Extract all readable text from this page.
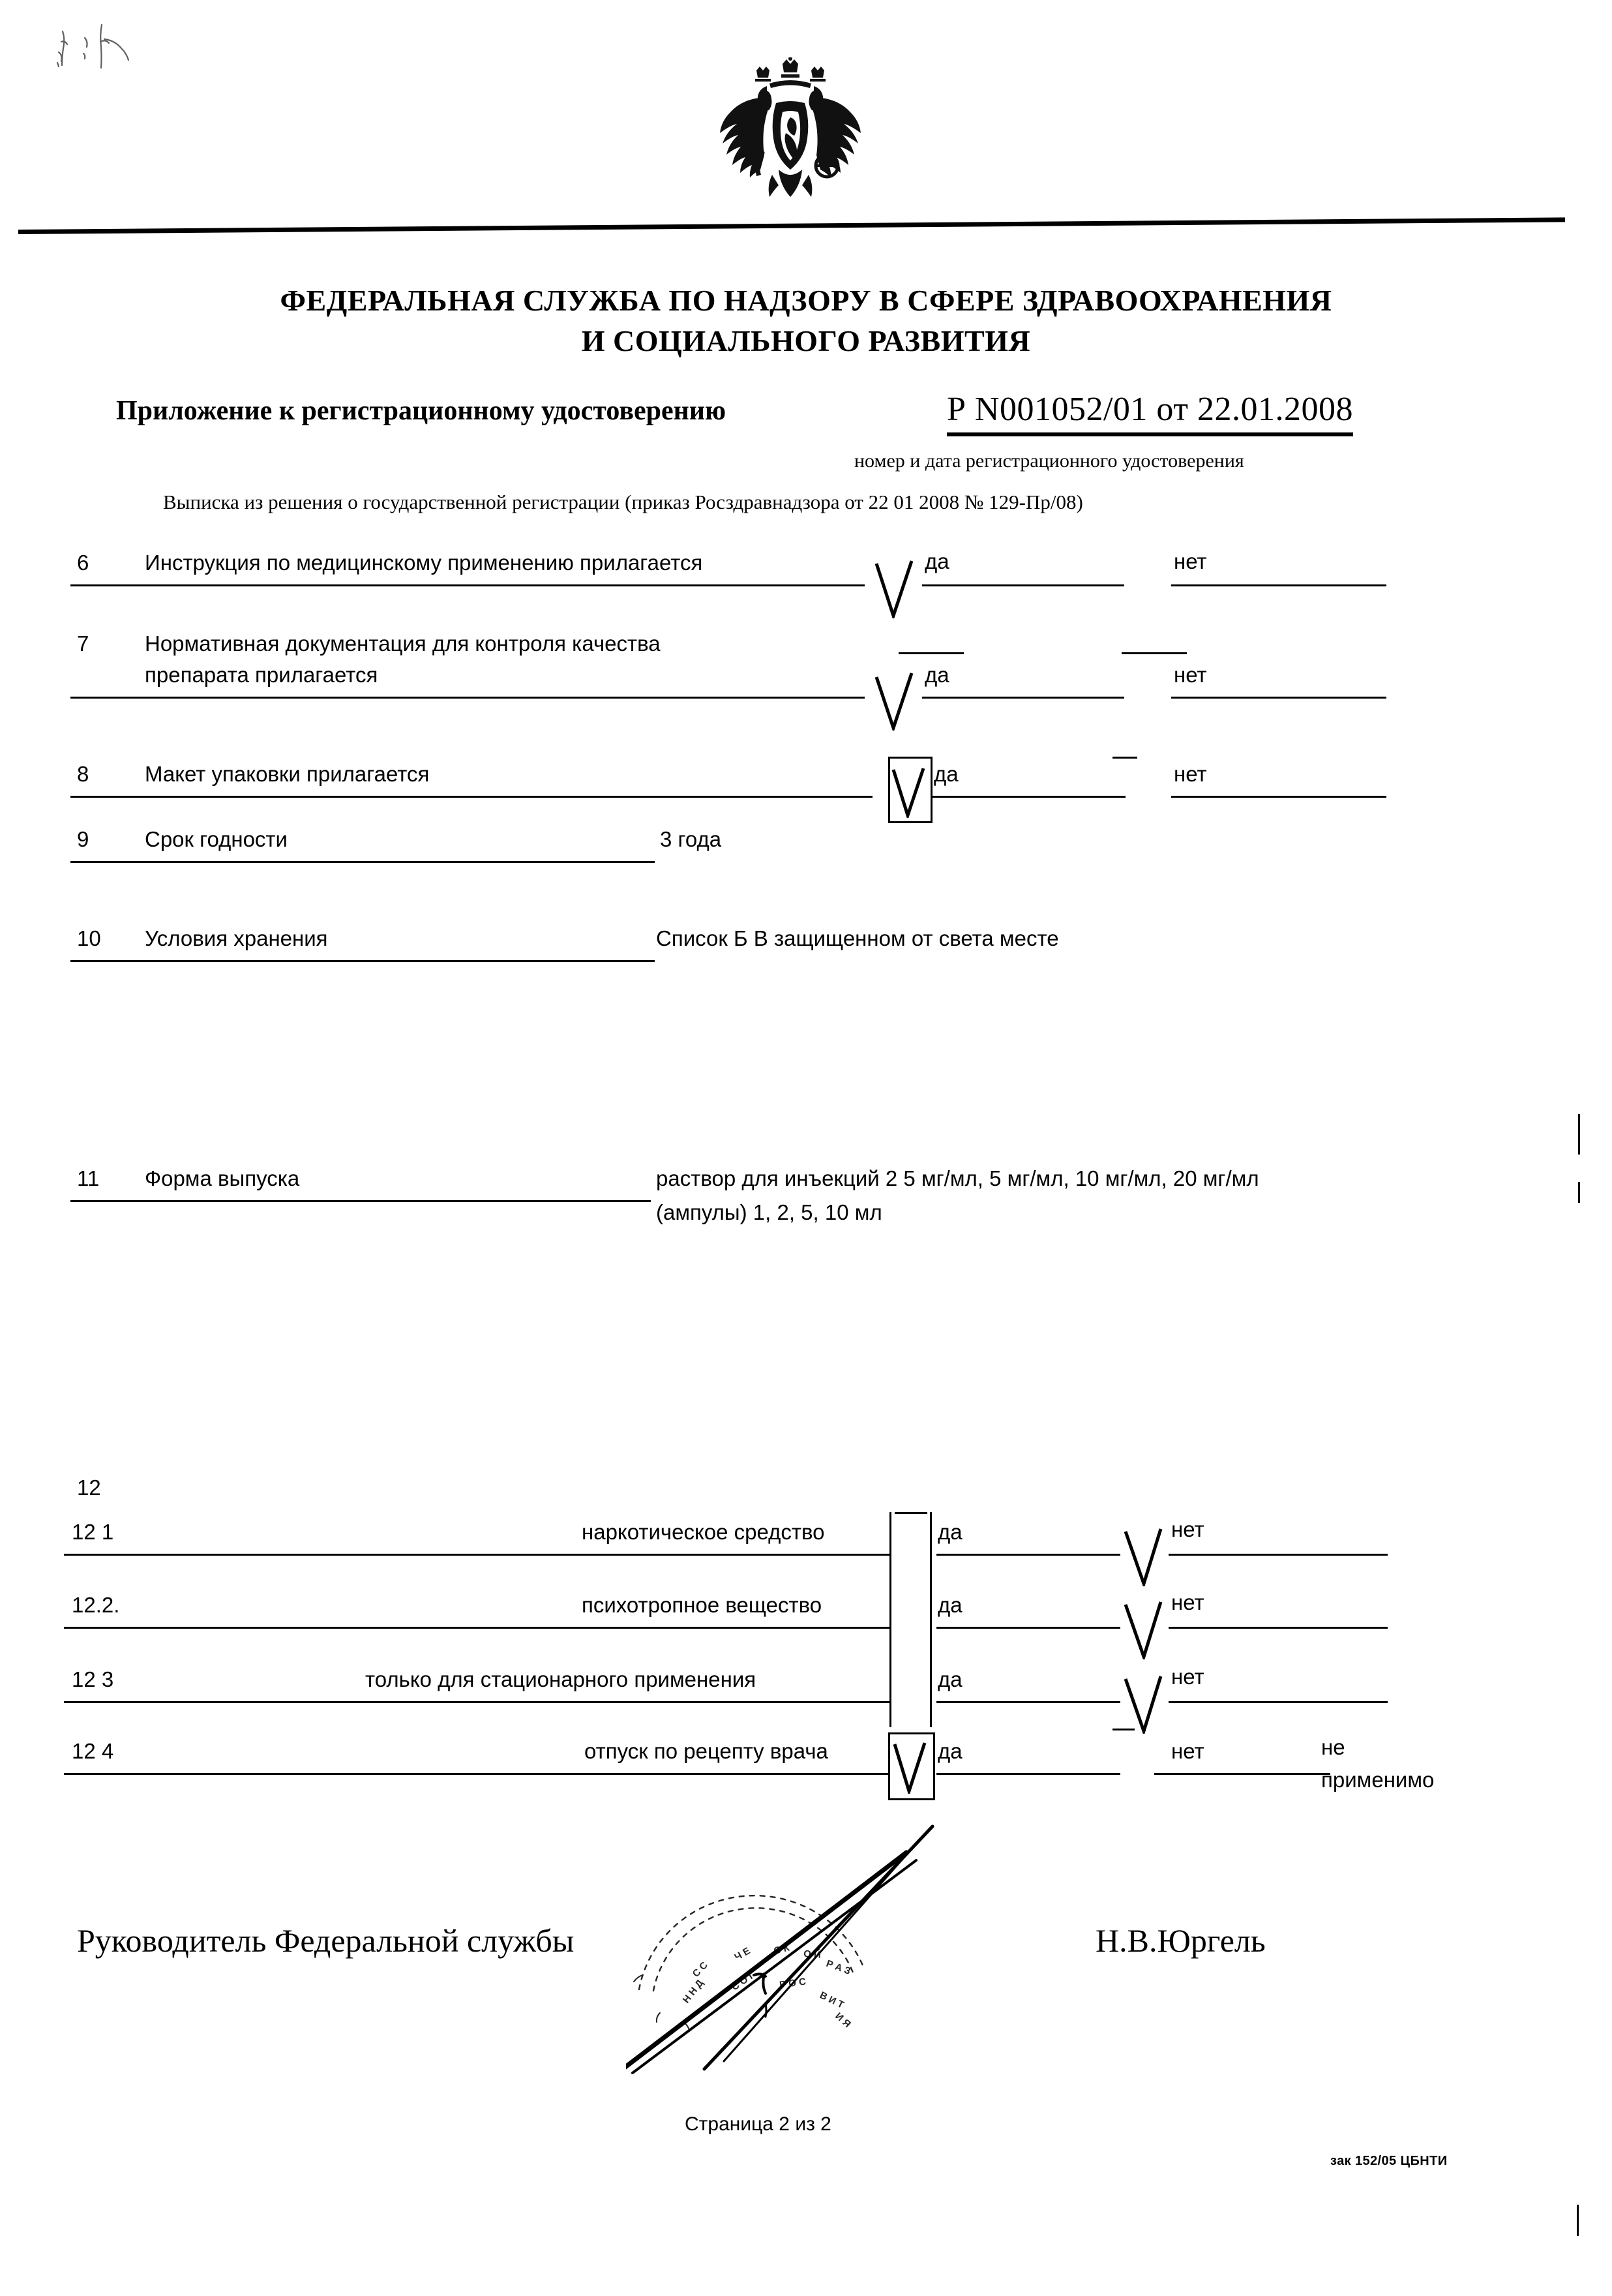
ФЕДЕРАЛЬНАЯ СЛУЖБА ПО НАДЗОРУ В СФЕРЕ ЗДРАВООХРАНЕНИЯ
И СОЦИАЛЬНОГО РАЗВИТИЯ
Приложение к регистрационному удостоверению	Р N001052/01 от 22.01.2008
номер и дата регистрационного удостоверения
Выписка из решения о государственной регистрации (приказ Росздравнадзора от 22 01 2008 № 129-Пр/08)
6	Инструкция по медицинскому применению прилагается	да	нет
7	Нормативная документация для контроля качества
препарата прилагается	да	нет
8	Макет упаковки прилагается	да	нет
9	Срок годности	3 года
10 Условия хранения	Список Б В защищенном от света месте
11 Форма выпуска	раствор для инъекций 2 5 мг/мл, 5 мг/мл, 10 мг/мл, 20 мг/мл
(ампулы) 1, 2, 5, 10 мл
12
12 1	наркотическое средство	да	нет
12.2.	психотропное вещество	да	нет
12 3	только для стационарного применения	да	нет
12 4	отпуск по рецепту врача	да	нет	не
применимо
С С
Ч Е С К О Й
Р А З
Н Н Д С О Г Р О С
В И Т
И Я
Руководитель Федеральной службы	Н.В.Юргель
Страница 2 из 2
зак 152/05 ЦБНТИ
